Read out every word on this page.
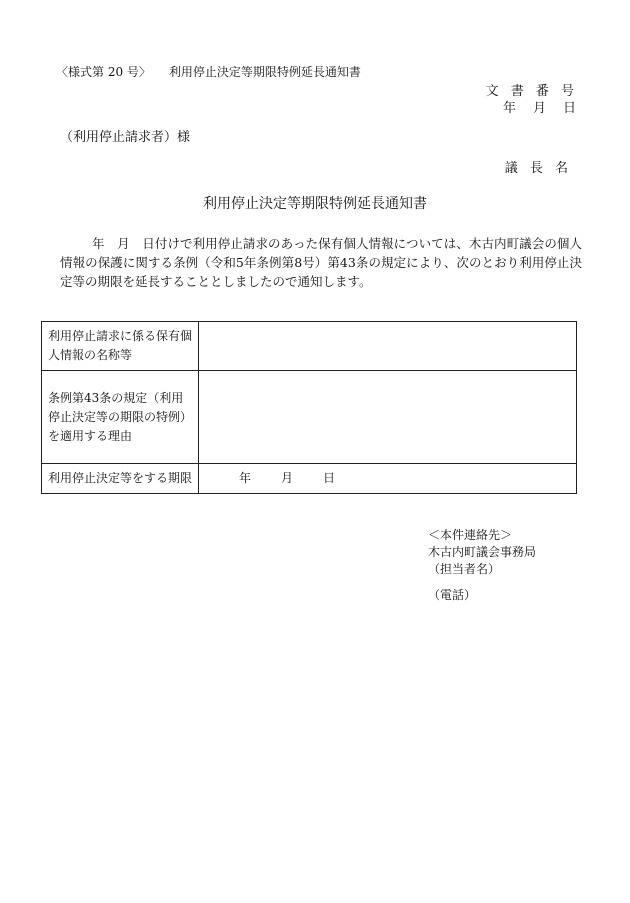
〈様式第 20 号〉 利用停止決定等期限特例延長通知書
文 書 番 号
年　月　日
（利用停止請求者）様
議 長 名
利用停止決定等期限特例延長通知書

年　月　日付けで利用停止請求のあった保有個人情報については、木古内町議会の個人情報の保護に関する条例（令和5年条例第8号）第43条の規定により、次のとおり利用停止決定等の期限を延長することとしましたので通知します。

利用停止請求に係る保有個人情報の名称等	
条例第43条の規定（利用停止決定等の期限の特例）を適用する理由	
利用停止決定等をする期限	年　　月　　日
＜本件連絡先＞
木古内町議会事務局
（担当者名）
（電話）
